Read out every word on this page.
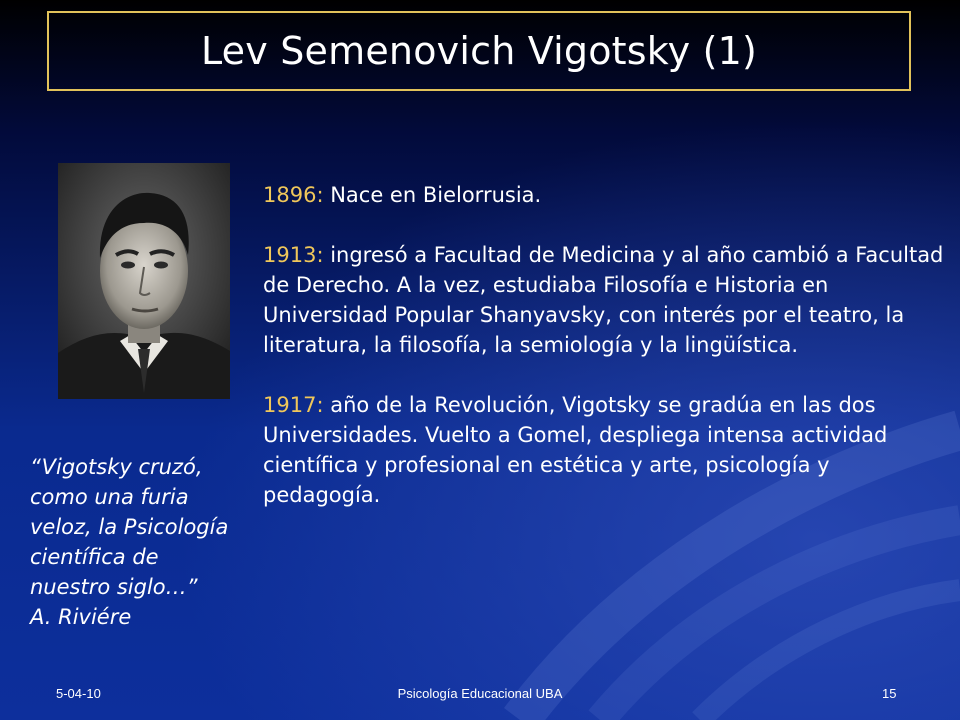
Lev Semenovich Vigotsky (1)

1896: Nace en Bielorrusia.

1913: ingresó a Facultad de Medicina y al año cambió a Facultad de Derecho. A la vez, estudiaba Filosofía e Historia en Universidad Popular Shanyavsky, con interés por el teatro, la literatura, la filosofía, la semiología y la lingüística.

1917: año de la Revolución, Vigotsky se gradúa en las dos Universidades. Vuelto a Gomel, despliega intensa actividad científica y profesional en estética y arte, psicología y pedagogía.

“Vigotsky cruzó, como una furia veloz, la Psicología científica de nuestro siglo…”
A. Riviére
5-04-10	Psicología Educacional UBA	15
